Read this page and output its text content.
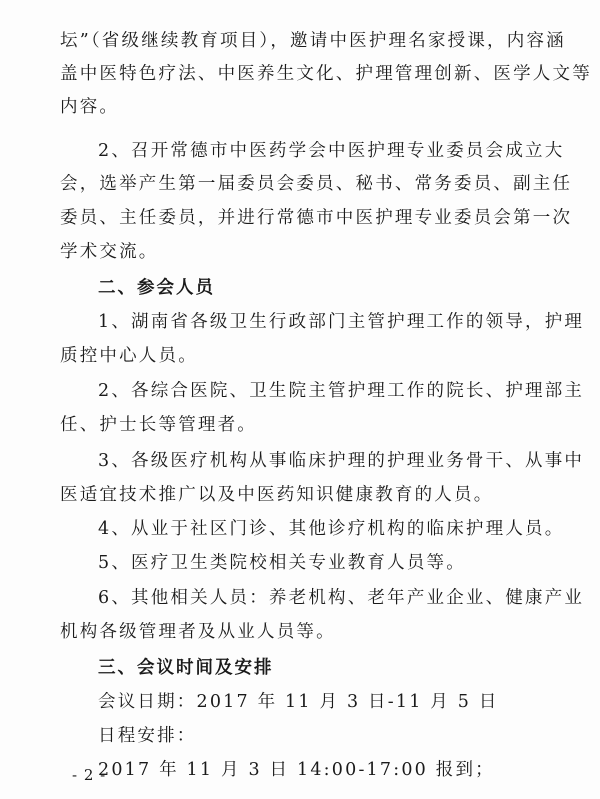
坛”（省级继续教育项目），邀请中医护理名家授课，内容涵
盖中医特色疗法、中医养生文化、护理管理创新、医学人文等
内容。
2、召开常德市中医药学会中医护理专业委员会成立大
会，选举产生第一届委员会委员、秘书、常务委员、副主任
委员、主任委员，并进行常德市中医护理专业委员会第一次
学术交流。
二、参会人员
1、湖南省各级卫生行政部门主管护理工作的领导，护理
质控中心人员。
2、各综合医院、卫生院主管护理工作的院长、护理部主
任、护士长等管理者。
3、各级医疗机构从事临床护理的护理业务骨干、从事中
医适宜技术推广以及中医药知识健康教育的人员。
4、从业于社区门诊、其他诊疗机构的临床护理人员。
5、医疗卫生类院校相关专业教育人员等。
6、其他相关人员：养老机构、老年产业企业、健康产业
机构各级管理者及从业人员等。
三、会议时间及安排
会议日期：2017 年 11 月 3 日-11 月 5 日
日程安排：
2017 年 11 月 3 日 14:00-17:00 报到；
- 2 -
